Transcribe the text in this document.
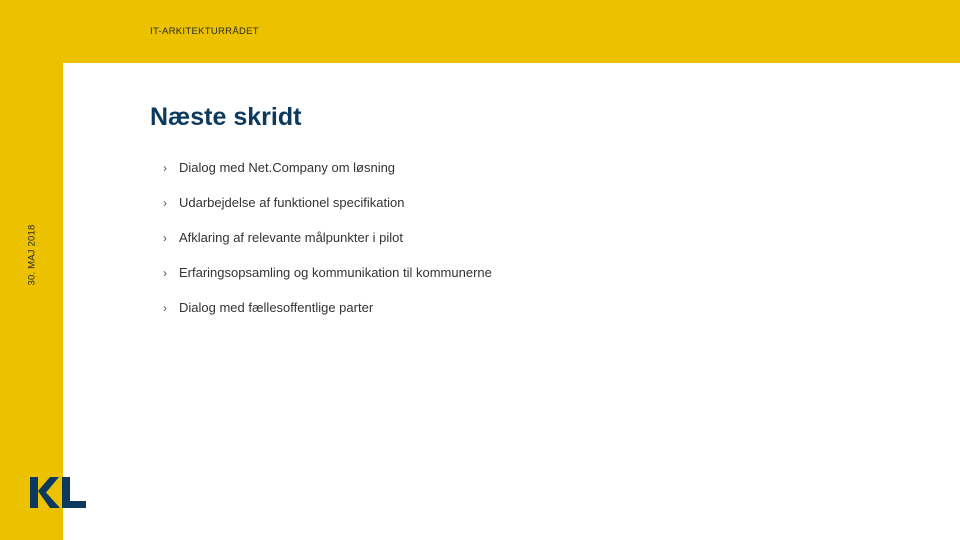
IT-ARKITEKTURRÅDET
30. MAJ 2018
Næste skridt
› Dialog med Net.Company om løsning
› Udarbejdelse af funktionel specifikation
› Afklaring af relevante målpunkter i pilot
› Erfaringsopsamling og kommunikation til kommunerne
› Dialog med fællesoffentlige parter
